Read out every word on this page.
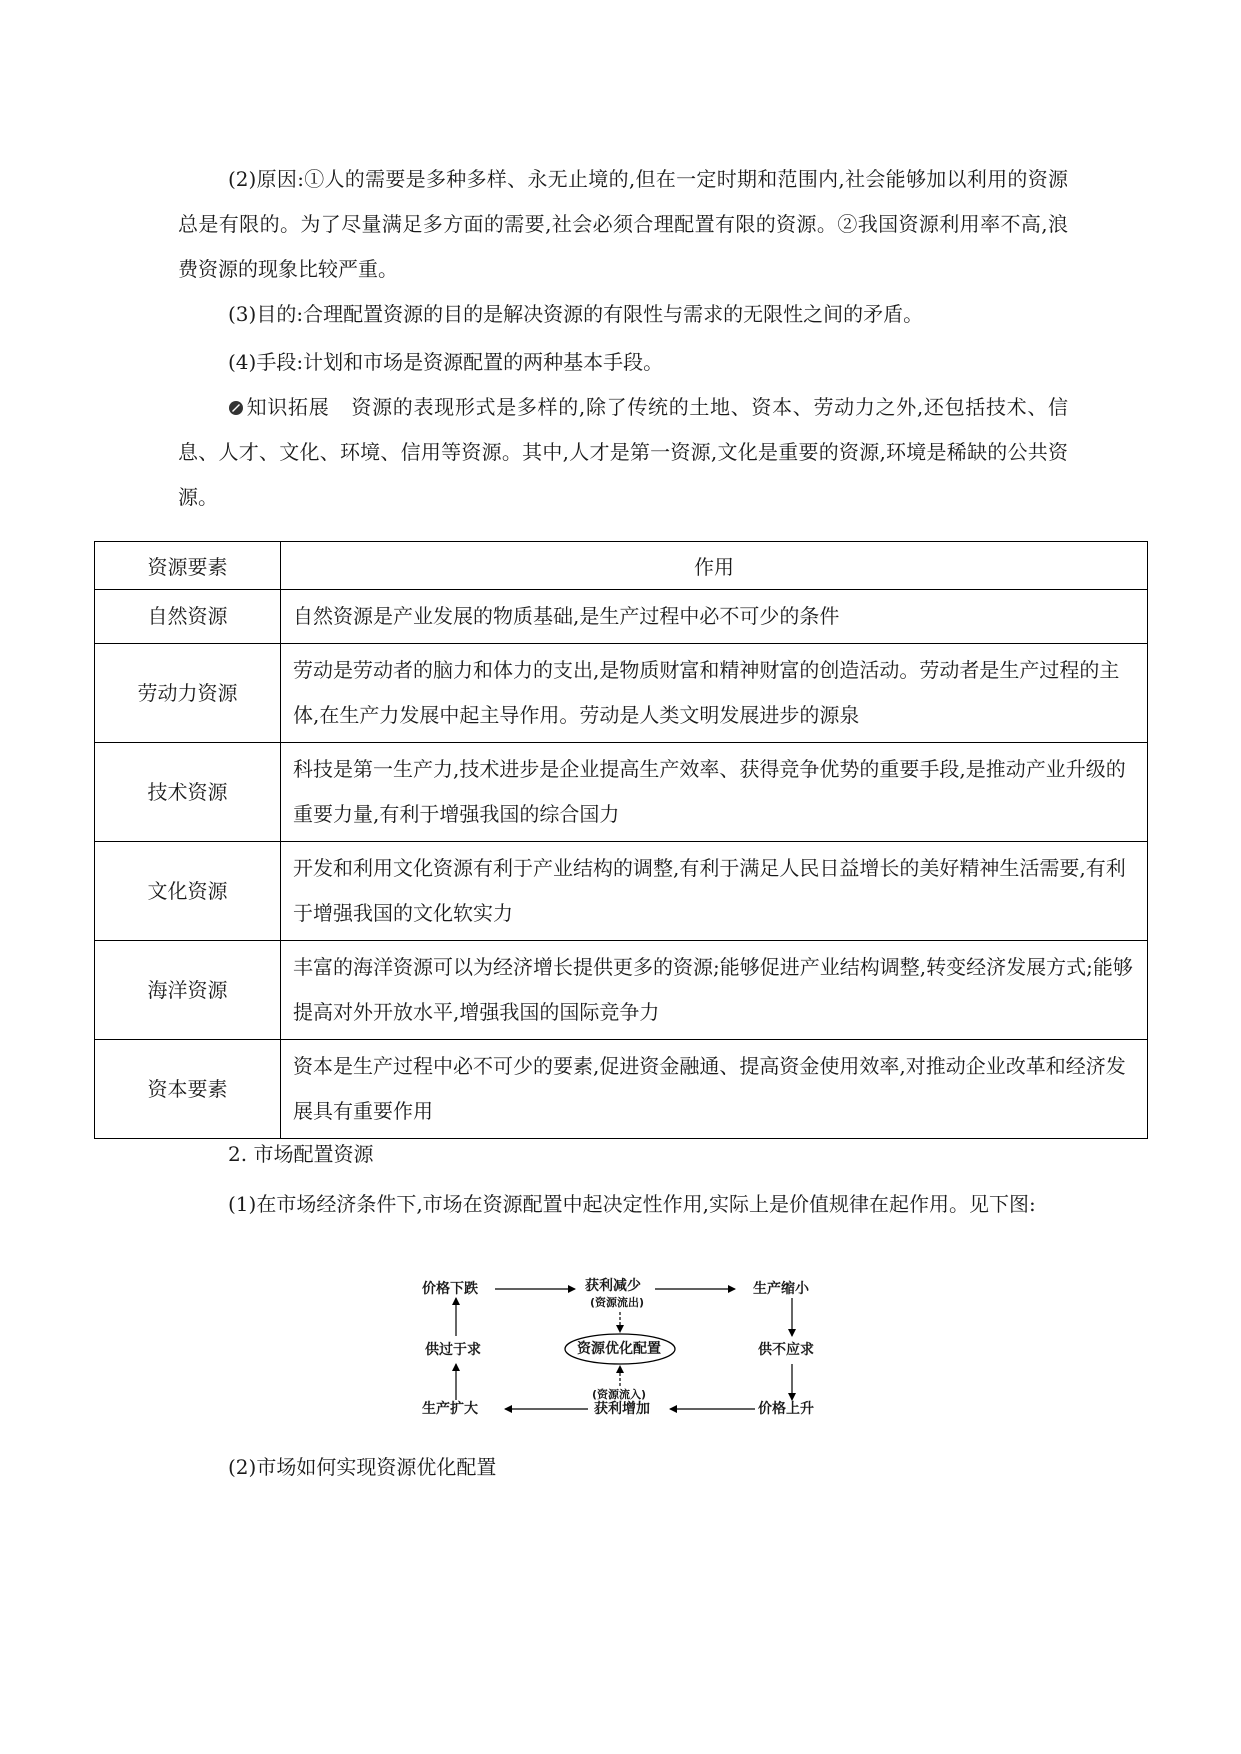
(2)原因:①人的需要是多种多样、永无止境的,但在一定时期和范围内,社会能够加以利用的资源总是有限的。为了尽量满足多方面的需要,社会必须合理配置有限的资源。②我国资源利用率不高,浪费资源的现象比较严重。

(3)目的:合理配置资源的目的是解决资源的有限性与需求的无限性之间的矛盾。

(4)手段:计划和市场是资源配置的两种基本手段。

知识拓展 资源的表现形式是多样的,除了传统的土地、资本、劳动力之外,还包括技术、信息、人才、文化、环境、信用等资源。其中,人才是第一资源,文化是重要的资源,环境是稀缺的公共资源。

资源要素	作用
自然资源	自然资源是产业发展的物质基础,是生产过程中必不可少的条件
劳动力资源	劳动是劳动者的脑力和体力的支出,是物质财富和精神财富的创造活动。劳动者是生产过程的主体,在生产力发展中起主导作用。劳动是人类文明发展进步的源泉
技术资源	科技是第一生产力,技术进步是企业提高生产效率、获得竞争优势的重要手段,是推动产业升级的重要力量,有利于增强我国的综合国力
文化资源	开发和利用文化资源有利于产业结构的调整,有利于满足人民日益增长的美好精神生活需要,有利于增强我国的文化软实力
海洋资源	丰富的海洋资源可以为经济增长提供更多的资源;能够促进产业结构调整,转变经济发展方式;能够提高对外开放水平,增强我国的国际竞争力
资本要素	资本是生产过程中必不可少的要素,促进资金融通、提高资金使用效率,对推动企业改革和经济发展具有重要作用

2. 市场配置资源

(1)在市场经济条件下,市场在资源配置中起决定性作用,实际上是价值规律在起作用。见下图:

价格下跌	获利减少
(资源流出)
生产缩小
供过于求	资源优化配置	供不应求
(资源流入)
生产扩大	获利增加	价格上升

(2)市场如何实现资源优化配置
